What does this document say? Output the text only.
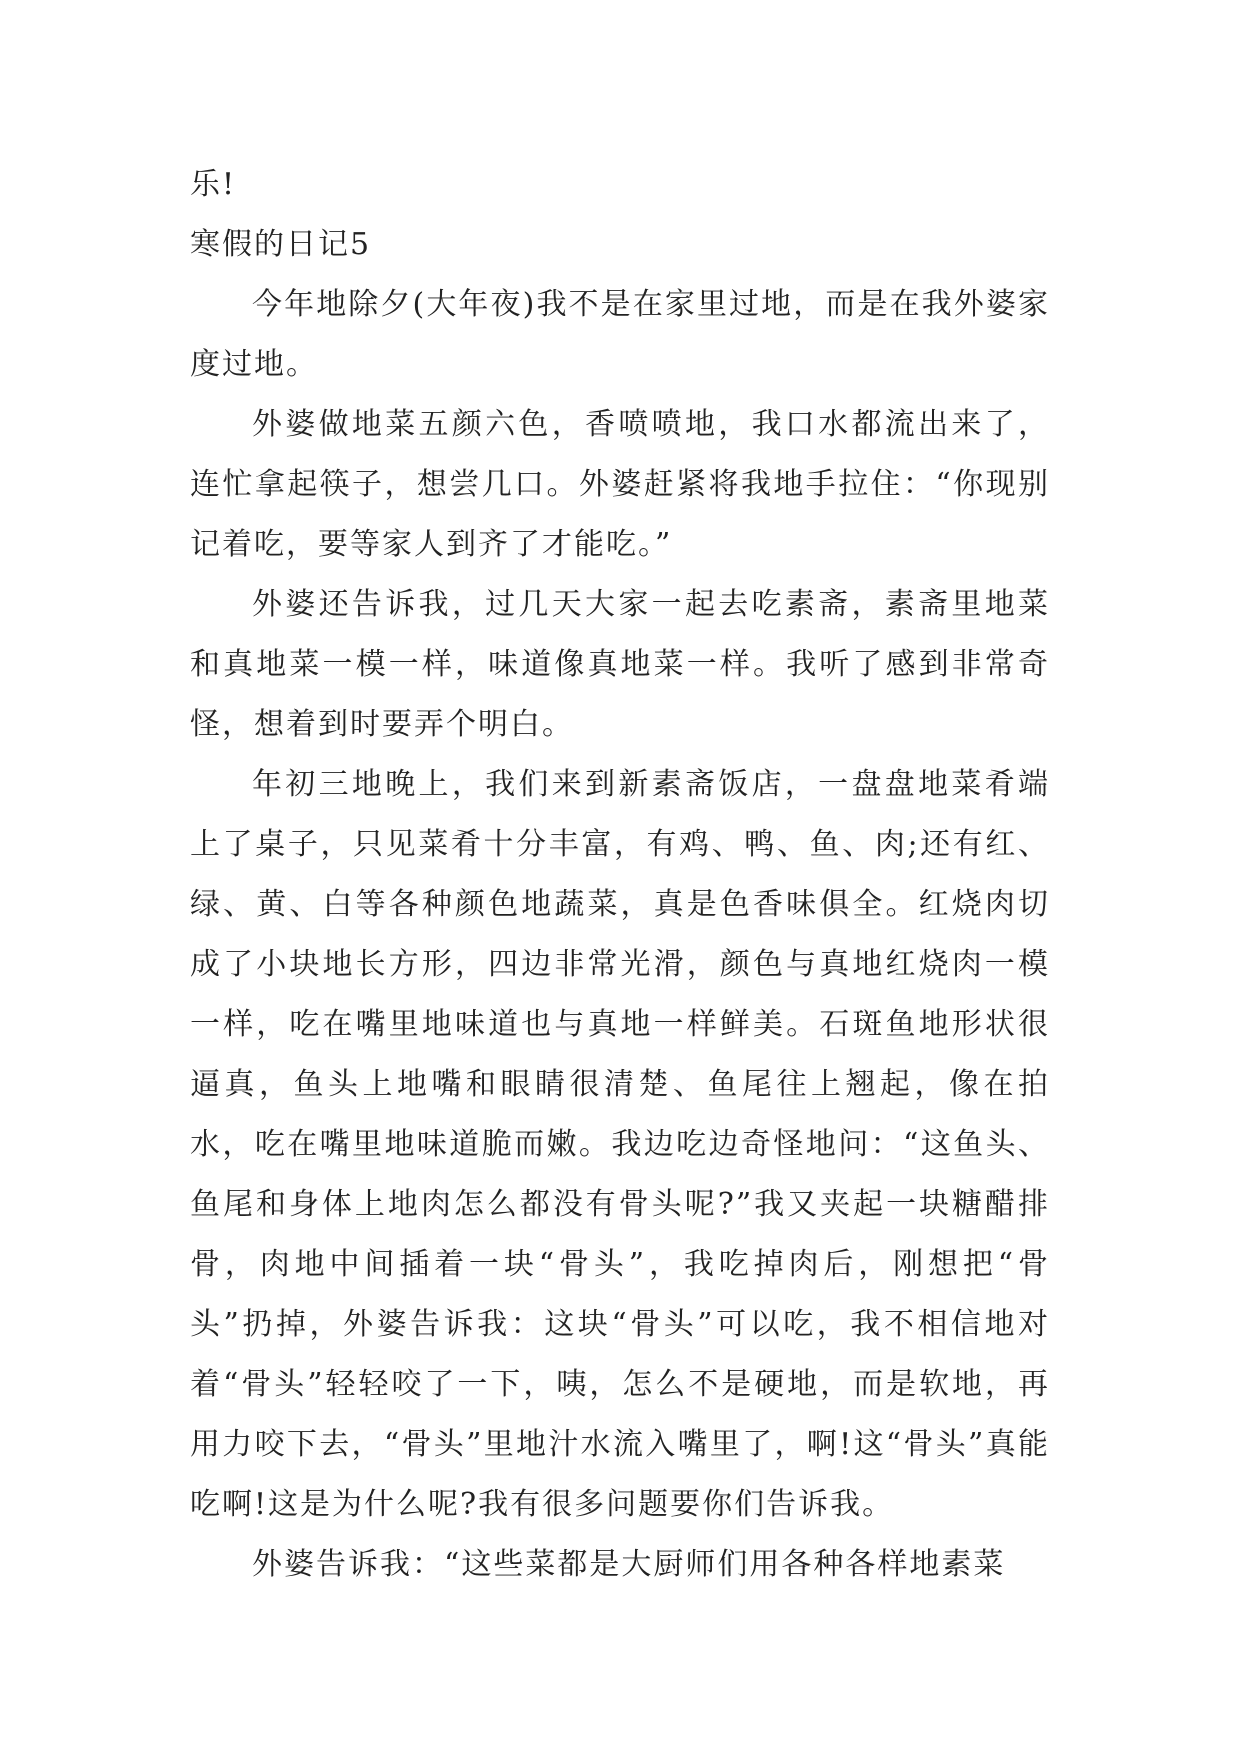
乐!

寒假的日记5

今年地除夕(大年夜)我不是在家里过地，而是在我外婆家度过地。

外婆做地菜五颜六色，香喷喷地，我口水都流出来了，连忙拿起筷子，想尝几口。外婆赶紧将我地手拉住：“你现别记着吃，要等家人到齐了才能吃。”

外婆还告诉我，过几天大家一起去吃素斋，素斋里地菜和真地菜一模一样，味道像真地菜一样。我听了感到非常奇怪，想着到时要弄个明白。

年初三地晚上，我们来到新素斋饭店，一盘盘地菜肴端上了桌子，只见菜肴十分丰富，有鸡、鸭、鱼、肉;还有红、绿、黄、白等各种颜色地蔬菜，真是色香味俱全。红烧肉切成了小块地长方形，四边非常光滑，颜色与真地红烧肉一模一样，吃在嘴里地味道也与真地一样鲜美。石斑鱼地形状很逼真，鱼头上地嘴和眼睛很清楚、鱼尾往上翘起，像在拍水，吃在嘴里地味道脆而嫩。我边吃边奇怪地问：“这鱼头、鱼尾和身体上地肉怎么都没有骨头呢?”我又夹起一块糖醋排骨，肉地中间插着一块“骨头”，我吃掉肉后，刚想把“骨头”扔掉，外婆告诉我：这块“骨头”可以吃，我不相信地对着“骨头”轻轻咬了一下，咦，怎么不是硬地，而是软地，再用力咬下去，“骨头”里地汁水流入嘴里了，啊!这“骨头”真能吃啊!这是为什么呢?我有很多问题要你们告诉我。

外婆告诉我：“这些菜都是大厨师们用各种各样地素菜
